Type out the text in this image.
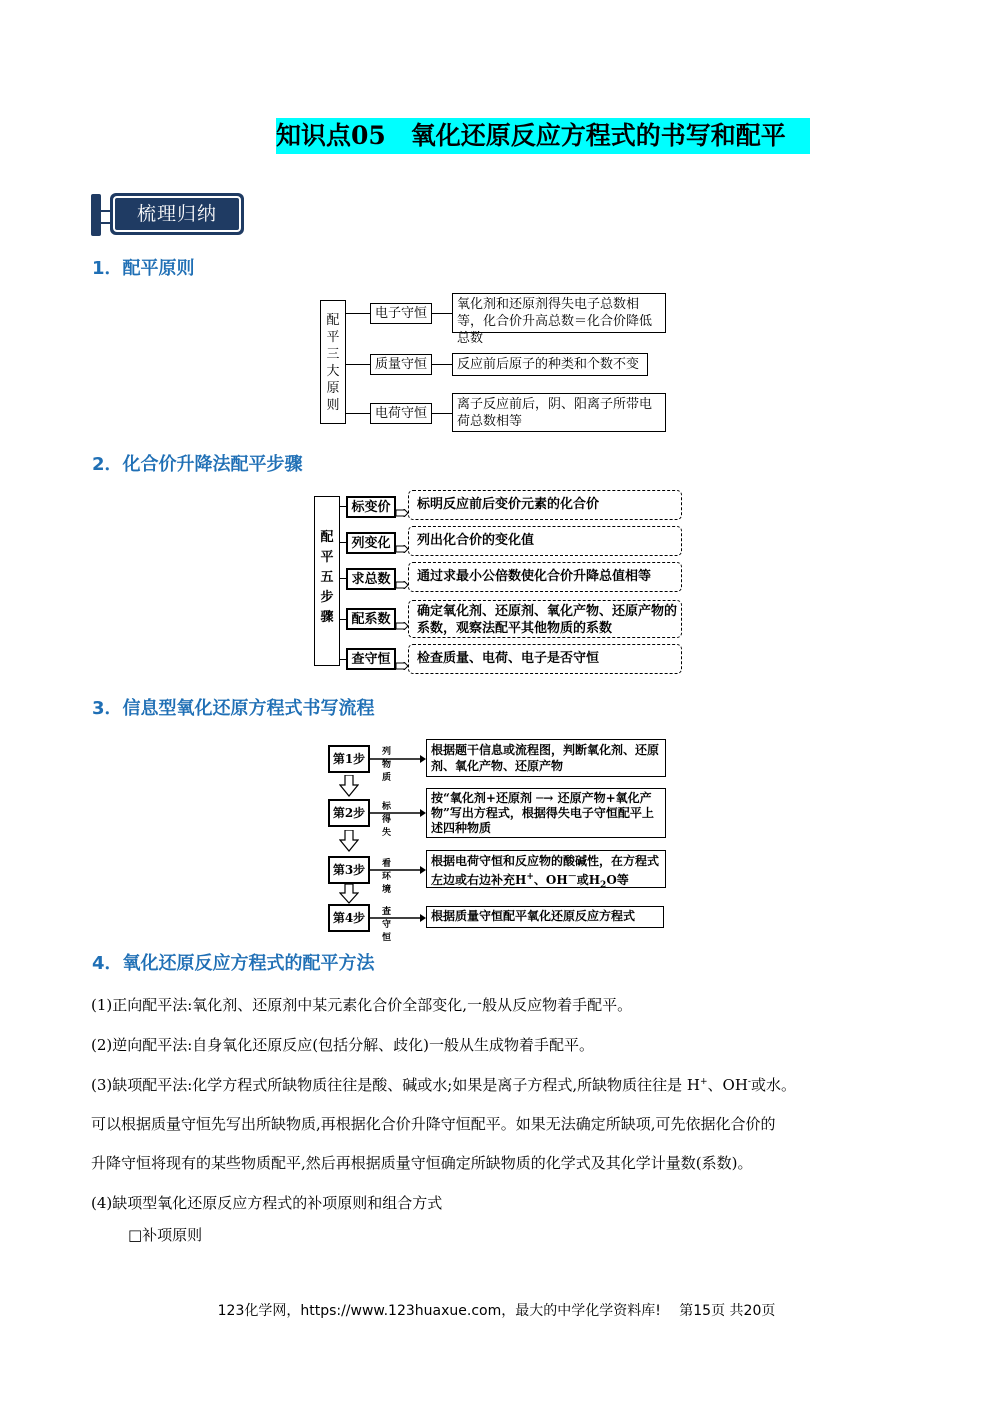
知识点05　氧化还原反应方程式的书写和配平
梳理归纳
1．配平原则
配平三大原则
电子守恒
质量守恒
电荷守恒
氧化剂和还原剂得失电子总数相等，化合价升高总数＝化合价降低总数
反应前后原子的种类和个数不变
离子反应前后，阴、阳离子所带电荷总数相等
2．化合价升降法配平步骤
配平五步骤
标变价
列变化
求总数
配系数
查守恒
标明反应前后变价元素的化合价
列出化合价的变化值
通过求最小公倍数使化合价升降总值相等
确定氧化剂、还原剂、氧化产物、还原产物的系数，观察法配平其他物质的系数
检查质量、电荷、电子是否守恒
3．信息型氧化还原方程式书写流程
第1步
第2步
第3步
第4步
列物质
标得失
看环境
查守恒
根据题干信息或流程图，判断氧化剂、还原剂、氧化产物、还原产物
按“氧化剂+还原剂 ─→ 还原产物+氧化产物”写出方程式，根据得失电子守恒配平上述四种物质
根据电荷守恒和反应物的酸碱性，在方程式左边或右边补充H+、OH－或$H_2O$等
根据质量守恒配平氧化还原反应方程式
4．氧化还原反应方程式的配平方法
(1)正向配平法:氧化剂、还原剂中某元素化合价全部变化,一般从反应物着手配平。
(2)逆向配平法:自身氧化还原反应(包括分解、歧化)一般从生成物着手配平。
(3)缺项配平法:化学方程式所缺物质往往是酸、碱或水;如果是离子方程式,所缺物质往往是 H+、OH-或水。
可以根据质量守恒先写出所缺物质,再根据化合价升降守恒配平。如果无法确定所缺项,可先依据化合价的
升降守恒将现有的某些物质配平,然后再根据质量守恒确定所缺物质的化学式及其化学计量数(系数)。
(4)缺项型氧化还原反应方程式的补项原则和组合方式
□补项原则
123化学网，https://www.123huaxue.com，最大的中学化学资料库!　 第15页 共20页
